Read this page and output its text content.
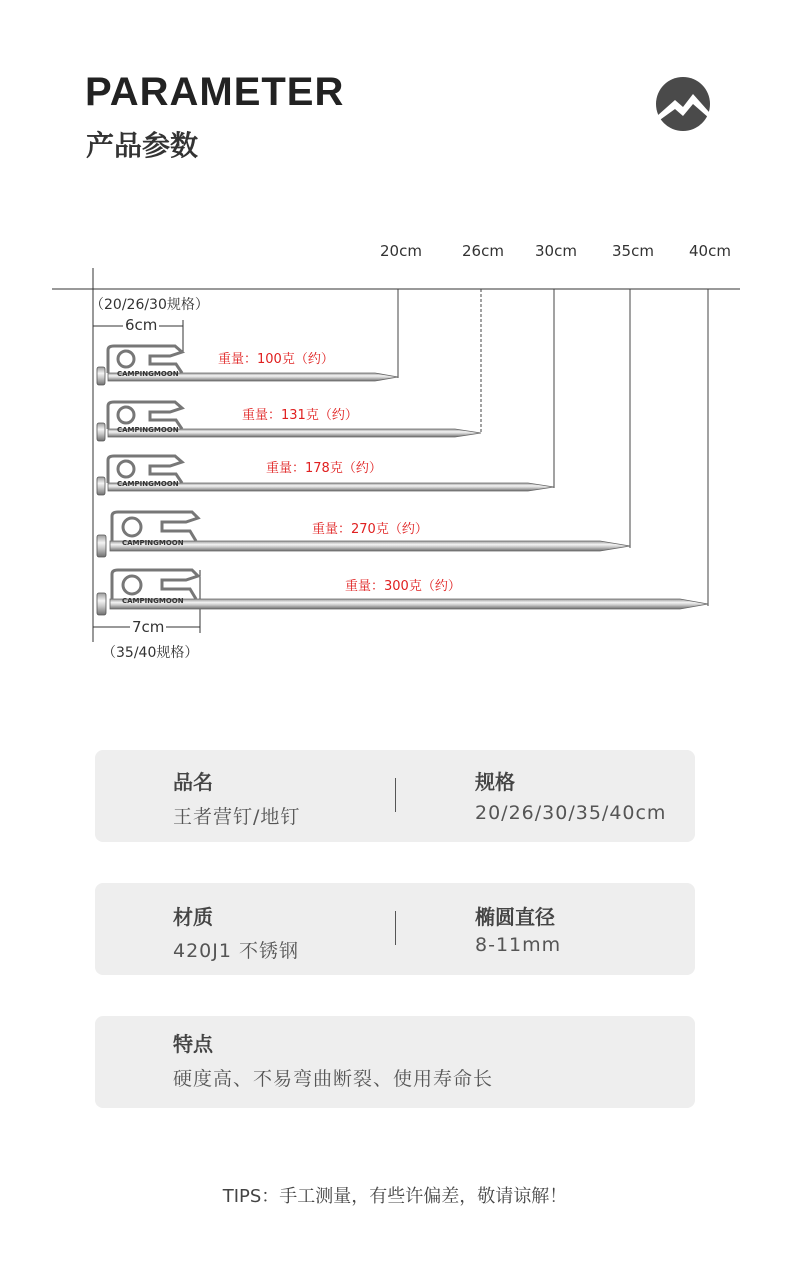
PARAMETER
产品参数
20cm	26cm 30cm 35cm 40cm
（20/26/30规格）
6cm
CAMPINGMOON
CAMPINGMOON
CAMPINGMOON
CAMPINGMOON
CAMPINGMOON
重量：100克（约）
重量：131克（约）
重量：178克（约）
重量：270克（约）
重量：300克（约）
7cm
（35/40规格）
品名
王者营钉/地钉
规格
20/26/30/35/40cm
材质
420J1 不锈钢
椭圆直径
8-11mm
特点
硬度高、不易弯曲断裂、使用寿命长
TIPS：手工测量，有些许偏差，敬请谅解！
